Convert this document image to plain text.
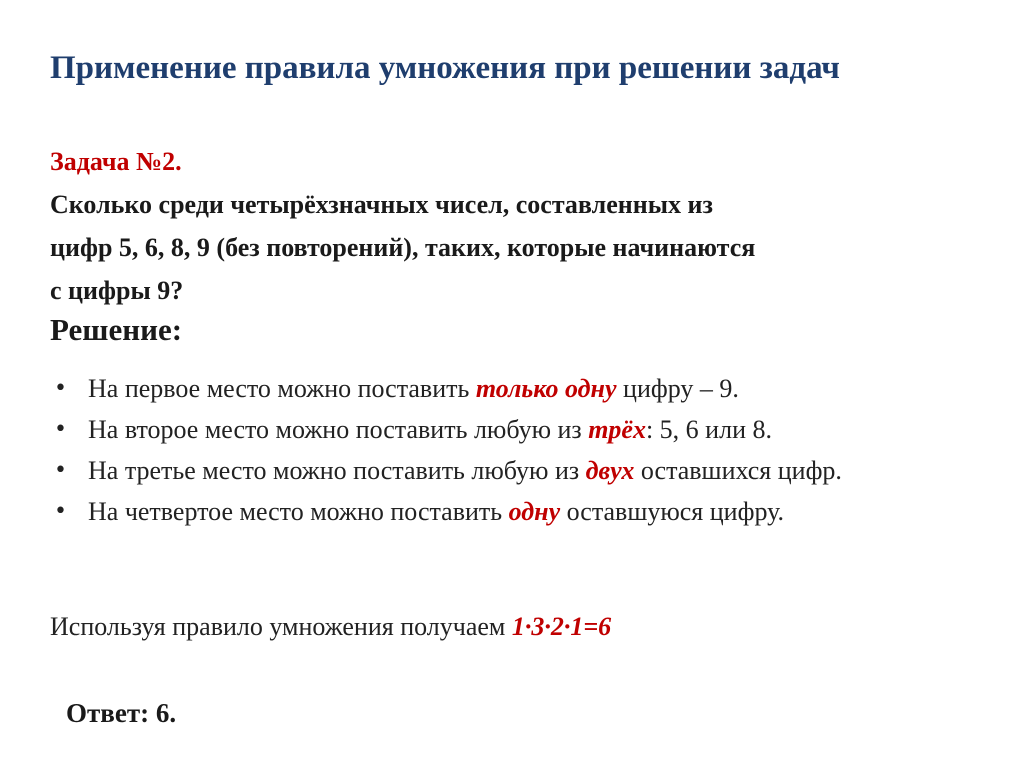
Применение правила умножения при решении задач
Задача №2.
Сколько среди четырёхзначных чисел, составленных из
цифр 5, 6, 8, 9 (без повторений), таких, которые начинаются
с цифры 9?
Решение:
• На первое место можно поставить только одну цифру – 9.
• На второе место можно поставить любую из трёх: 5, 6 или 8.
• На третье место можно поставить любую из двух оставшихся цифр.
• На четвертое место можно поставить одну оставшуюся цифру.
Используя правило умножения получаем 1·3·2·1=6
Ответ: 6.
